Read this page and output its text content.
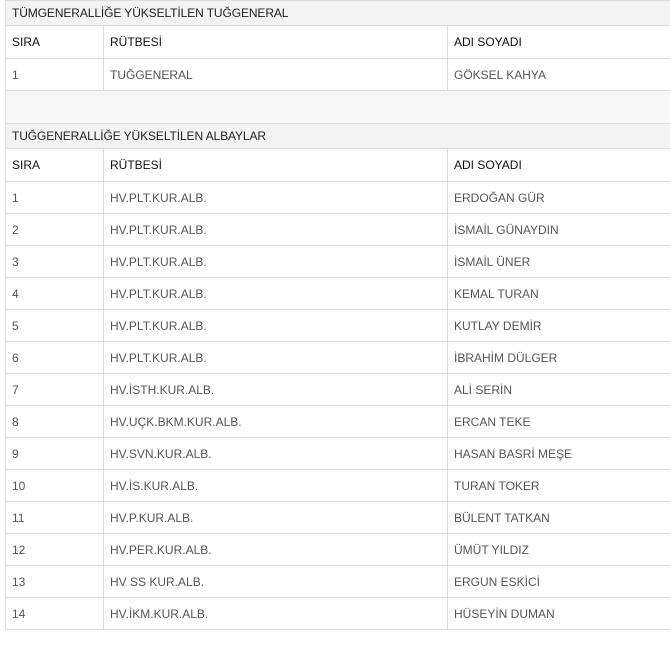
TÜMGENERALLİĞE YÜKSELTİLEN TUĞGENERAL		
SIRA	RÜTBESİ	ADI SOYADI
1	TUĞGENERAL	GÖKSEL KAHYA

TUĞGENERALLİĞE YÜKSELTİLEN ALBAYLAR		
SIRA	RÜTBESİ	ADI SOYADI
1	HV.PLT.KUR.ALB.	ERDOĞAN GÜR
2	HV.PLT.KUR.ALB.	İSMAİL GÜNAYDIN
3	HV.PLT.KUR.ALB.	İSMAİL ÜNER
4	HV.PLT.KUR.ALB.	KEMAL TURAN
5	HV.PLT.KUR.ALB.	KUTLAY DEMİR
6	HV.PLT.KUR.ALB.	İBRAHİM DÜLGER
7	HV.İSTH.KUR.ALB.	ALİ SERİN
8	HV.UÇK.BKM.KUR.ALB.	ERCAN TEKE
9	HV.SVN.KUR.ALB.	HASAN BASRİ MEŞE
10	HV.İS.KUR.ALB.	TURAN TOKER
11	HV.P.KUR.ALB.	BÜLENT TATKAN
12	HV.PER.KUR.ALB.	ÜMÜT YILDIZ
13	HV SS KUR.ALB.	ERGUN ESKİCİ
14	HV.İKM.KUR.ALB.	HÜSEYİN DUMAN
